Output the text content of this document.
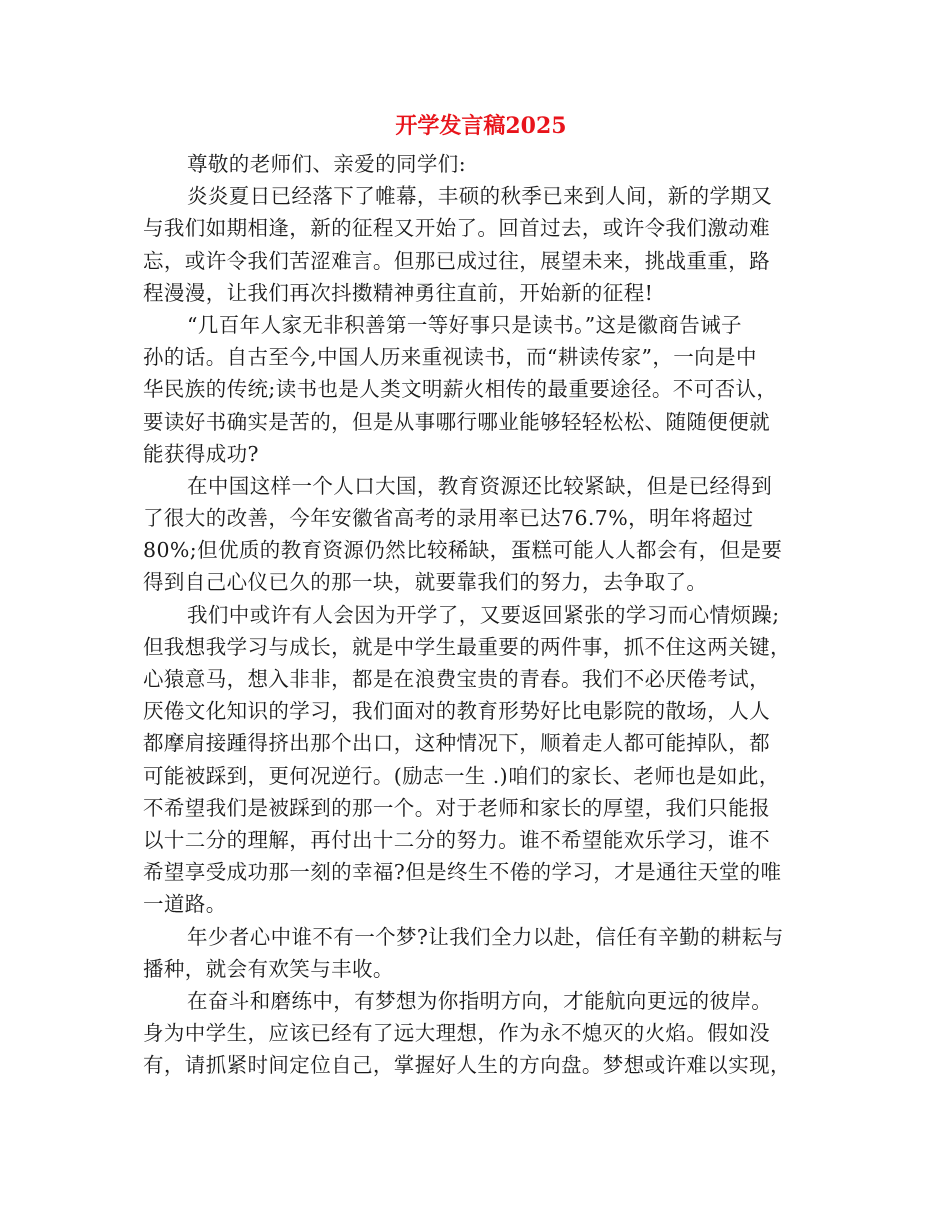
开学发言稿2025
尊敬的老师们、亲爱的同学们:
炎炎夏日已经落下了帷幕，丰硕的秋季已来到人间，新的学期又
与我们如期相逢，新的征程又开始了。回首过去，或许令我们激动难
忘，或许令我们苦涩难言。但那已成过往，展望未来，挑战重重，路
程漫漫，让我们再次抖擞精神勇往直前，开始新的征程!
“几百年人家无非积善第一等好事只是读书。”这是徽商告诫子
孙的话。自古至今,中国人历来重视读书，而“耕读传家”，一向是中
华民族的传统;读书也是人类文明薪火相传的最重要途径。不可否认，
要读好书确实是苦的，但是从事哪行哪业能够轻轻松松、随随便便就
能获得成功?
在中国这样一个人口大国，教育资源还比较紧缺，但是已经得到
了很大的改善，今年安徽省高考的录用率已达76.7%，明年将超过
80%;但优质的教育资源仍然比较稀缺，蛋糕可能人人都会有，但是要
得到自己心仪已久的那一块，就要靠我们的努力，去争取了。
我们中或许有人会因为开学了，又要返回紧张的学习而心情烦躁;
但我想我学习与成长，就是中学生最重要的两件事，抓不住这两关键，
心猿意马，想入非非，都是在浪费宝贵的青春。我们不必厌倦考试，
厌倦文化知识的学习，我们面对的教育形势好比电影院的散场，人人
都摩肩接踵得挤出那个出口，这种情况下，顺着走人都可能掉队，都
可能被踩到，更何况逆行。(励志一生 .)咱们的家长、老师也是如此，
不希望我们是被踩到的那一个。对于老师和家长的厚望，我们只能报
以十二分的理解，再付出十二分的努力。谁不希望能欢乐学习，谁不
希望享受成功那一刻的幸福?但是终生不倦的学习，才是通往天堂的唯
一道路。
年少者心中谁不有一个梦?让我们全力以赴，信任有辛勤的耕耘与
播种，就会有欢笑与丰收。
在奋斗和磨练中，有梦想为你指明方向，才能航向更远的彼岸。
身为中学生，应该已经有了远大理想，作为永不熄灭的火焰。假如没
有，请抓紧时间定位自己，掌握好人生的方向盘。梦想或许难以实现，
